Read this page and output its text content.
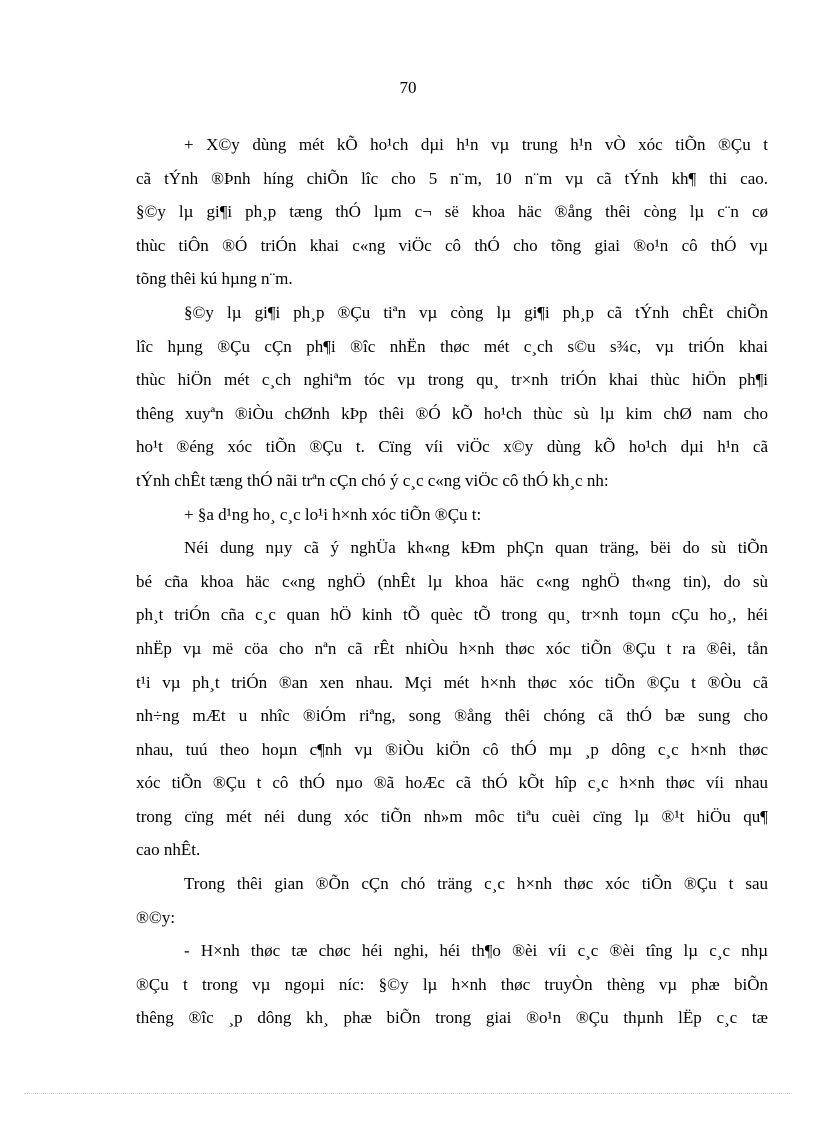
70
+ X©y dùng mét kÕ ho¹ch dµi h¹n vµ trung h¹n vÒ xóc tiÕn ®Çu t
cã tÝnh ®Þnh híng chiÕn lîc cho 5 n¨m, 10 n¨m vµ cã tÝnh kh¶ thi cao.
§©y lµ gi¶i ph¸p tæng thÓ lµm c¬ së khoa häc ®ång thêi còng lµ c¨n cø
thùc tiÔn ®Ó triÓn khai c«ng viÖc cô thÓ cho tõng giai ®o¹n cô thÓ vµ
tõng thêi kú hµng n¨m.
§©y lµ gi¶i ph¸p ®Çu tiªn vµ còng lµ gi¶i ph¸p cã tÝnh chÊt chiÕn
lîc hµng ®Çu cÇn ph¶i ®îc nhËn thøc mét c¸ch s©u s¾c, vµ triÓn khai
thùc hiÖn mét c¸ch nghiªm tóc vµ trong qu¸ tr×nh triÓn khai thùc hiÖn ph¶i
thêng xuyªn ®iÒu chØnh kÞp thêi ®Ó kÕ ho¹ch thùc sù lµ kim chØ nam cho
ho¹t ®éng xóc tiÕn ®Çu t. Cïng víi viÖc x©y dùng kÕ ho¹ch dµi h¹n cã
tÝnh chÊt tæng thÓ nãi trªn cÇn chó ý c¸c c«ng viÖc cô thÓ kh¸c nh:
+ §a d¹ng ho¸ c¸c lo¹i h×nh xóc tiÕn ®Çu t:
Néi dung nµy cã ý nghÜa kh«ng kÐm phÇn quan träng, bëi do sù tiÕn
bé cña khoa häc c«ng nghÖ (nhÊt lµ khoa häc c«ng nghÖ th«ng tin), do sù
ph¸t triÓn cña c¸c quan hÖ kinh tÕ quèc tÕ trong qu¸ tr×nh toµn cÇu ho¸, héi
nhËp vµ më cöa cho nªn cã rÊt nhiÒu h×nh thøc xóc tiÕn ®Çu t ra ®êi, tån
t¹i vµ ph¸t triÓn ®an xen nhau. Mçi mét h×nh thøc xóc tiÕn ®Çu t ®Òu cã
nh÷ng mÆt u nhîc ®iÓm riªng, song ®ång thêi chóng cã thÓ bæ sung cho
nhau, tuú theo hoµn c¶nh vµ ®iÒu kiÖn cô thÓ mµ ¸p dông c¸c h×nh thøc
xóc tiÕn ®Çu t cô thÓ nµo ®ã hoÆc cã thÓ kÕt hîp c¸c h×nh thøc víi nhau
trong cïng mét néi dung xóc tiÕn nh»m môc tiªu cuèi cïng lµ ®¹t hiÖu qu¶
cao nhÊt.
Trong thêi gian ®Õn cÇn chó träng c¸c h×nh thøc xóc tiÕn ®Çu t sau
®©y:
- H×nh thøc tæ chøc héi nghi, héi th¶o ®èi víi c¸c ®èi tîng lµ c¸c nhµ
®Çu t trong vµ ngoµi níc: §©y lµ h×nh thøc truyÒn thèng vµ phæ biÕn
thêng ®îc ¸p dông kh¸ phæ biÕn trong giai ®o¹n ®Çu thµnh lËp c¸c tæ
